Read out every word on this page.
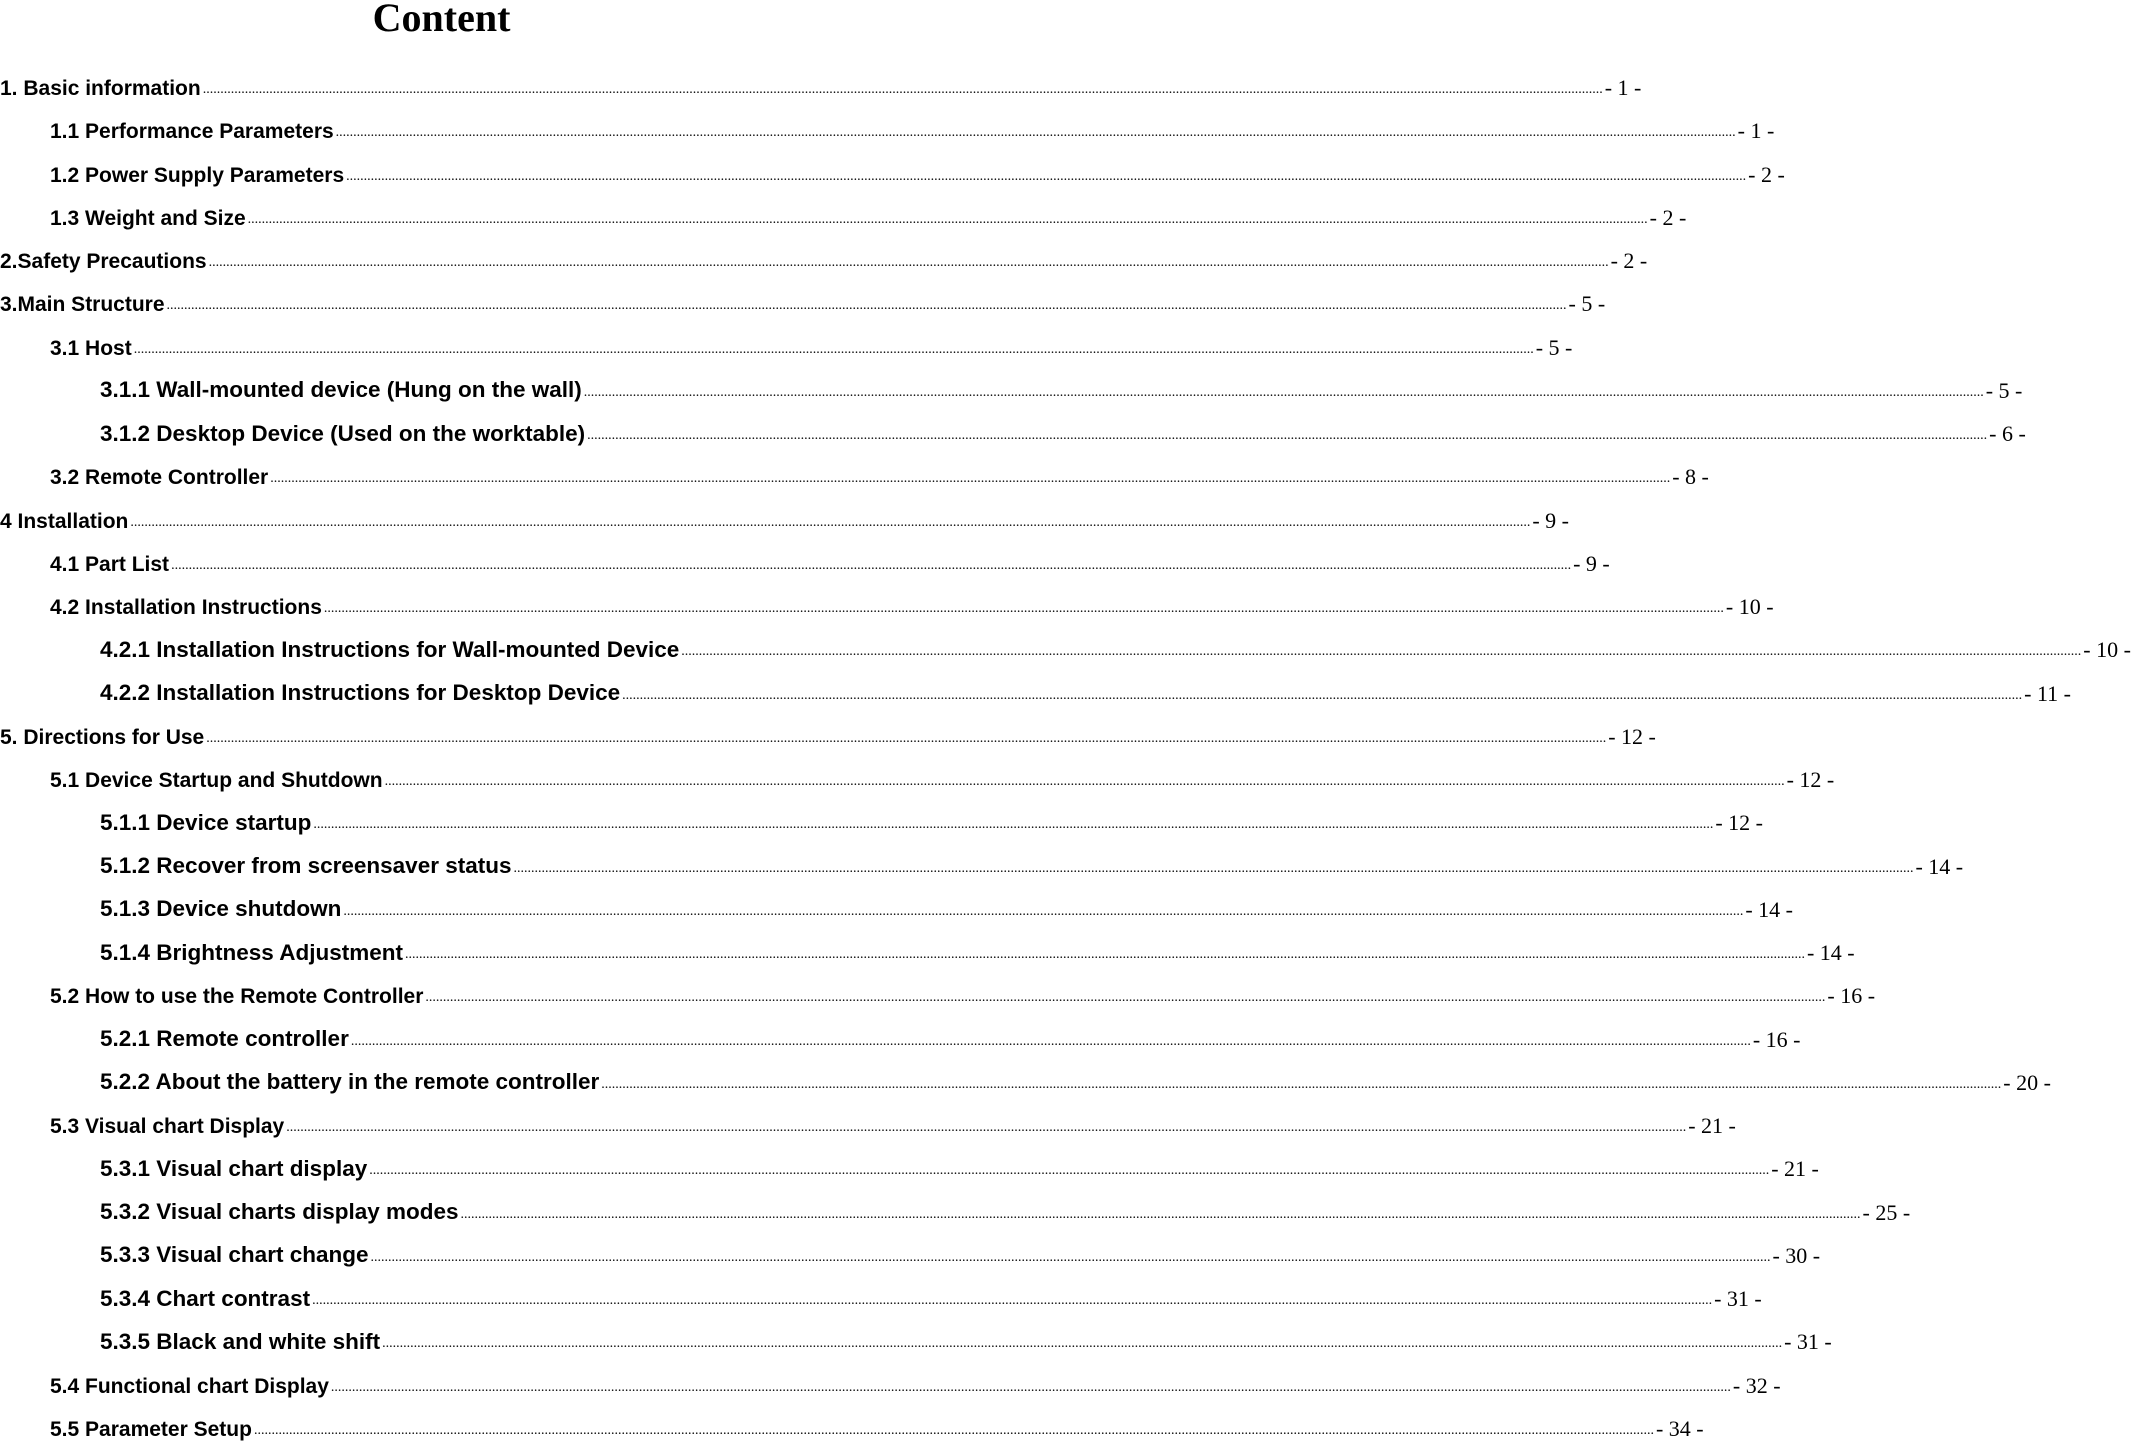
Content
1. Basic information ................................................................................................................................................................................................................................................................................................................................................................................................................ - 1 -
1.1 Performance Parameters ................................................................................................................................................................................................................................................................................................................................................................................................................ - 1 -
1.2 Power Supply Parameters ................................................................................................................................................................................................................................................................................................................................................................................................................ - 2 -
1.3 Weight and Size ................................................................................................................................................................................................................................................................................................................................................................................................................ - 2 -
2.Safety Precautions ................................................................................................................................................................................................................................................................................................................................................................................................................ - 2 -
3.Main Structure ................................................................................................................................................................................................................................................................................................................................................................................................................ - 5 -
3.1 Host ................................................................................................................................................................................................................................................................................................................................................................................................................ - 5 -
3.1.1 Wall-mounted device (Hung on the wall) ................................................................................................................................................................................................................................................................................................................................................................................................................ - 5 -
3.1.2 Desktop Device (Used on the worktable) ................................................................................................................................................................................................................................................................................................................................................................................................................ - 6 -
3.2 Remote Controller ................................................................................................................................................................................................................................................................................................................................................................................................................ - 8 -
4 Installation ................................................................................................................................................................................................................................................................................................................................................................................................................ - 9 -
4.1 Part List ................................................................................................................................................................................................................................................................................................................................................................................................................ - 9 -
4.2 Installation Instructions ................................................................................................................................................................................................................................................................................................................................................................................................................ - 10 -
4.2.1 Installation Instructions for Wall-mounted Device ................................................................................................................................................................................................................................................................................................................................................................................................................ - 10 -
4.2.2 Installation Instructions for Desktop Device ................................................................................................................................................................................................................................................................................................................................................................................................................ - 11 -
5. Directions for Use ................................................................................................................................................................................................................................................................................................................................................................................................................ - 12 -
5.1 Device Startup and Shutdown ................................................................................................................................................................................................................................................................................................................................................................................................................ - 12 -
5.1.1 Device startup ................................................................................................................................................................................................................................................................................................................................................................................................................ - 12 -
5.1.2 Recover from screensaver status ................................................................................................................................................................................................................................................................................................................................................................................................................ - 14 -
5.1.3 Device shutdown ................................................................................................................................................................................................................................................................................................................................................................................................................ - 14 -
5.1.4 Brightness Adjustment ................................................................................................................................................................................................................................................................................................................................................................................................................ - 14 -
5.2 How to use the Remote Controller ................................................................................................................................................................................................................................................................................................................................................................................................................ - 16 -
5.2.1 Remote controller ................................................................................................................................................................................................................................................................................................................................................................................................................ - 16 -
5.2.2 About the battery in the remote controller ................................................................................................................................................................................................................................................................................................................................................................................................................ - 20 -
5.3 Visual chart Display ................................................................................................................................................................................................................................................................................................................................................................................................................ - 21 -
5.3.1 Visual chart display ................................................................................................................................................................................................................................................................................................................................................................................................................ - 21 -
5.3.2 Visual charts display modes ................................................................................................................................................................................................................................................................................................................................................................................................................ - 25 -
5.3.3 Visual chart change ................................................................................................................................................................................................................................................................................................................................................................................................................ - 30 -
5.3.4 Chart contrast ................................................................................................................................................................................................................................................................................................................................................................................................................ - 31 -
5.3.5 Black and white shift ................................................................................................................................................................................................................................................................................................................................................................................................................ - 31 -
5.4 Functional chart Display ................................................................................................................................................................................................................................................................................................................................................................................................................ - 32 -
5.5 Parameter Setup ................................................................................................................................................................................................................................................................................................................................................................................................................ - 34 -
